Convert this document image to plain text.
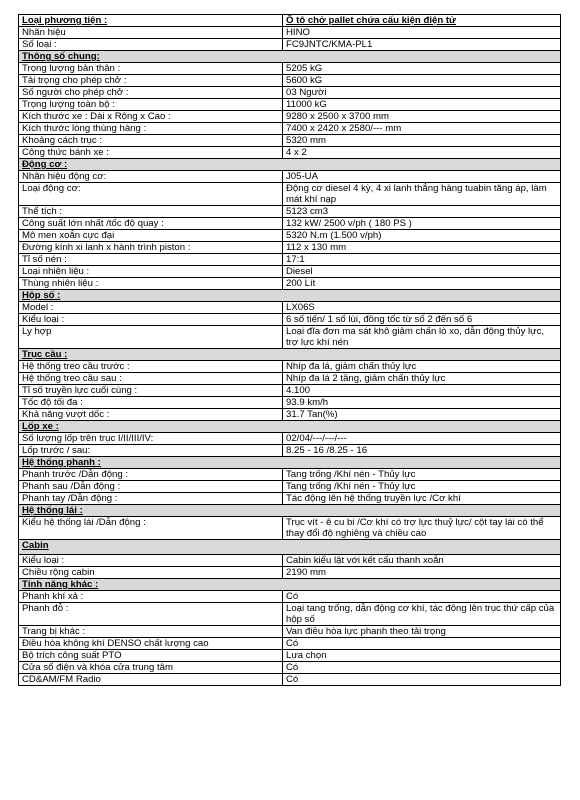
Loại phương tiện :	Ô tô chở pallet chứa cấu kiện điện tử
Nhãn hiệu	HINO
Số loại :	FC9JNTC/KMA-PL1
Thông số chung:	
Trọng lượng bản thân :	5205 kG
Tải trọng cho phép chở :	5600 kG
Số người cho phép chở :	03 Người
Trọng lượng toàn bộ :	11000 kG
Kích thước xe : Dài x Rộng x Cao :	9280 x 2500 x 3700 mm
Kích thước lòng thùng hàng :	7400 x 2420 x 2580/--- mm
Khoảng cách trục :	5320 mm
Công thức bánh xe :	4 x 2
Động cơ :	
Nhãn hiệu động cơ:	J05-UA
Loại động cơ:	Động cơ diesel 4 kỳ, 4 xi lanh thẳng hàng tuabin tăng áp, làm mát khí nạp
Thể tích :	5123 cm3
Công suất lớn nhất /tốc độ quay :	132 kW/ 2500 v/ph ( 180 PS )
Mô men xoắn cực đại	5320 N.m (1.500 v/ph)
Đường kính xi lanh x hành trình piston :	112 x 130 mm
Tỉ số nén :	17:1
Loại nhiên liệu :	Diesel
Thùng nhiên liệu :	200 Lít
Hộp số :	
Model :	LX06S
Kiểu loại :	6 số tiến/ 1 số lùi, đồng tốc từ số 2 đến số 6
Ly hợp	Loại đĩa đơn ma sát khô giảm chấn lò xo, dẫn động thủy lực, trợ lực khí nén
Trục cầu :	
Hệ thống treo cầu trước :	Nhíp đa lá, giảm chấn thủy lực
Hệ thống treo cầu sau :	Nhíp đa lá 2 tầng, giảm chấn thủy lực
Tỉ số truyền lực cuối cùng :	4.100
Tốc độ tối đa :	93.9 km/h
Khả năng vượt dốc :	31.7 Tan(%)
Lốp xe :	
Số lượng lốp trên trục I/II/III/IV:	02/04/---/---/---
Lốp trước / sau:	8.25 - 16 /8.25 - 16
Hệ thống phanh :	
Phanh trước /Dẫn động :	Tang trống /Khí nén - Thủy lực
Phanh sau /Dẫn động :	Tang trống /Khí nén - Thủy lực
Phanh tay /Dẫn động :	Tác động lên hệ thống truyền lực /Cơ khí
Hệ thống lái :	
Kiểu hệ thống lái /Dẫn động :	Trục vít - ê cu bi /Cơ khí có trợ lực thuỷ lực/ cột tay lái có thể thay đổi độ nghiêng và chiều cao
Cabin	
Kiểu loại :	Cabin kiểu lật với kết cấu thanh xoắn
Chiều rộng cabin	2190 mm
Tính năng khác :	
Phanh khí xả :	Có
Phanh đỗ :	Loại tang trống, dẫn động cơ khí, tác động lên trục thứ cấp của hộp số
Trang bị khác :	Van điều hòa lực phanh theo tải trọng
Điều hòa không khí DENSO chất lượng cao	Có
Bộ trích công suất PTO	Lựa chọn
Cửa sổ điện và khóa cửa trung tâm	Có
CD&AM/FM Radio	Có
